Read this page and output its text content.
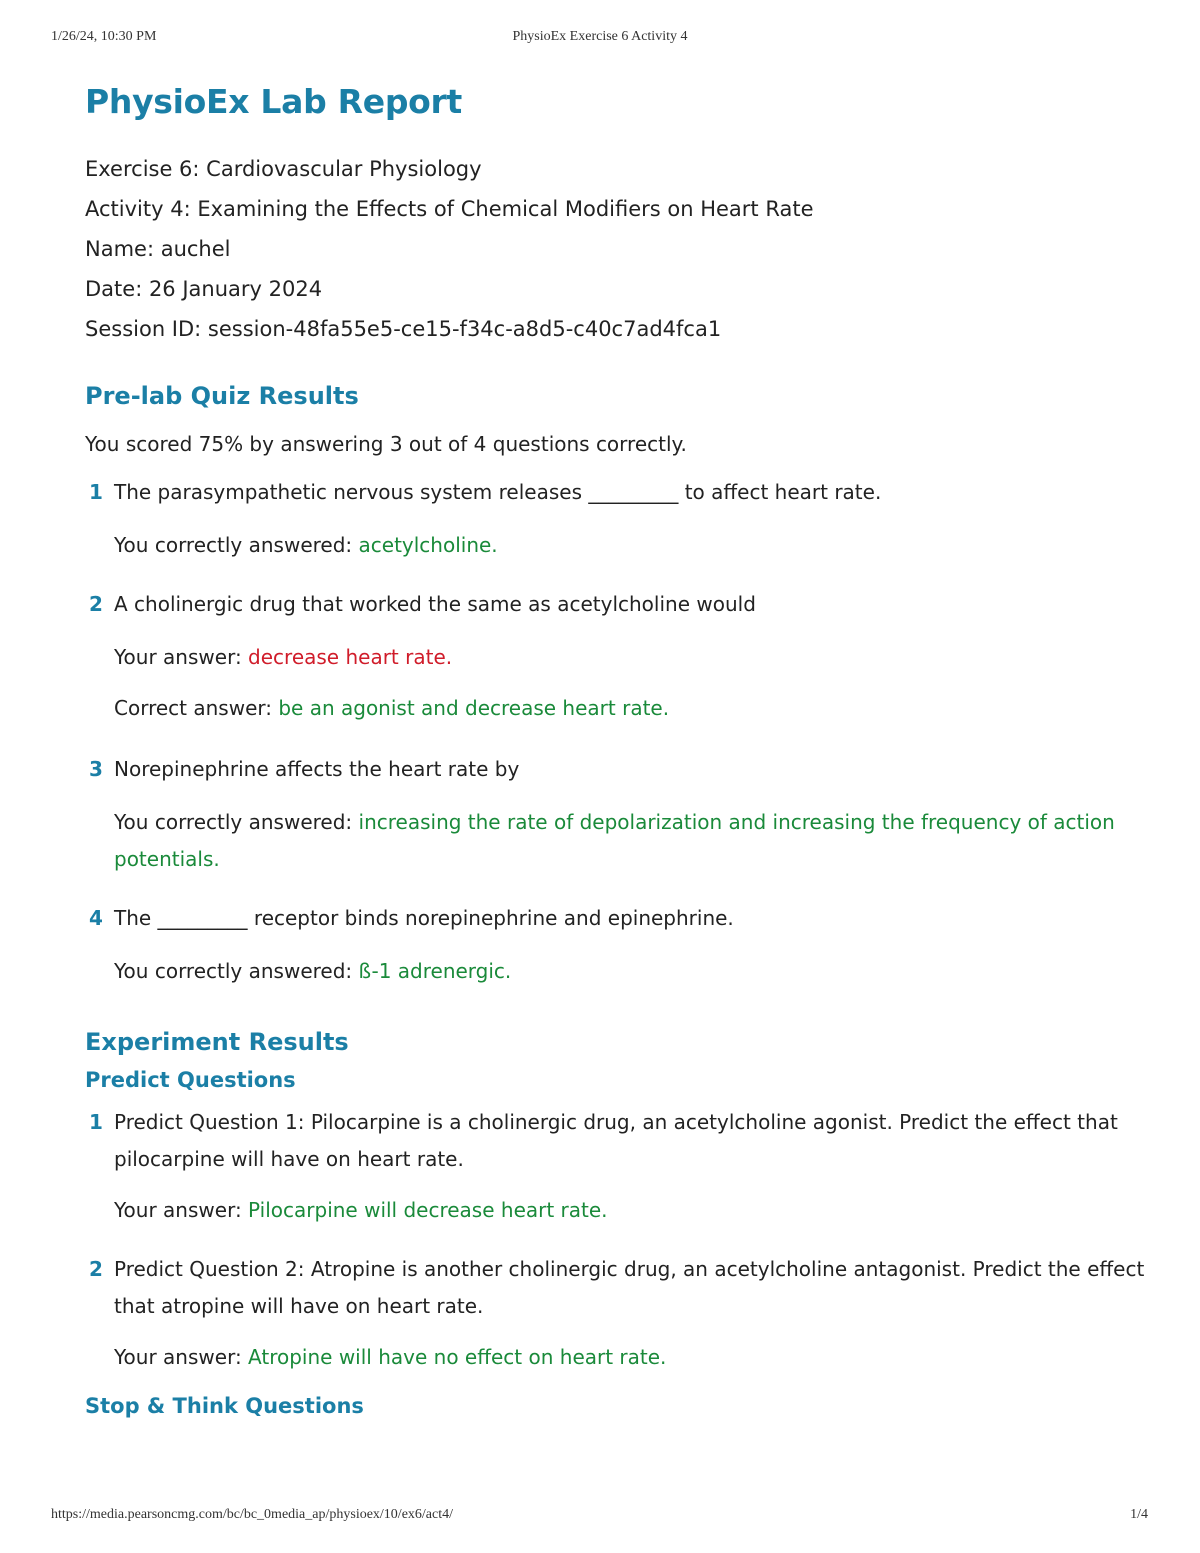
1/26/24, 10:30 PM	PhysioEx Exercise 6 Activity 4
PhysioEx Lab Report
Exercise 6: Cardiovascular Physiology
Activity 4: Examining the Effects of Chemical Modifiers on Heart Rate
Name: auchel
Date: 26 January 2024
Session ID: session-48fa55e5-ce15-f34c-a8d5-c40c7ad4fca1
Pre-lab Quiz Results
You scored 75% by answering 3 out of 4 questions correctly.
1 The parasympathetic nervous system releases _________ to affect heart rate.
You correctly answered: acetylcholine.
2 A cholinergic drug that worked the same as acetylcholine would
Your answer: decrease heart rate.
Correct answer: be an agonist and decrease heart rate.
3 Norepinephrine affects the heart rate by
You correctly answered: increasing the rate of depolarization and increasing the frequency of action potentials.
4 The _________ receptor binds norepinephrine and epinephrine.
You correctly answered: ß-1 adrenergic.
Experiment Results
Predict Questions
1 Predict Question 1: Pilocarpine is a cholinergic drug, an acetylcholine agonist. Predict the effect that pilocarpine will have on heart rate.
Your answer: Pilocarpine will decrease heart rate.
2 Predict Question 2: Atropine is another cholinergic drug, an acetylcholine antagonist. Predict the effect that atropine will have on heart rate.
Your answer: Atropine will have no effect on heart rate.
Stop & Think Questions
https://media.pearsoncmg.com/bc/bc_0media_ap/physioex/10/ex6/act4/	1/4
